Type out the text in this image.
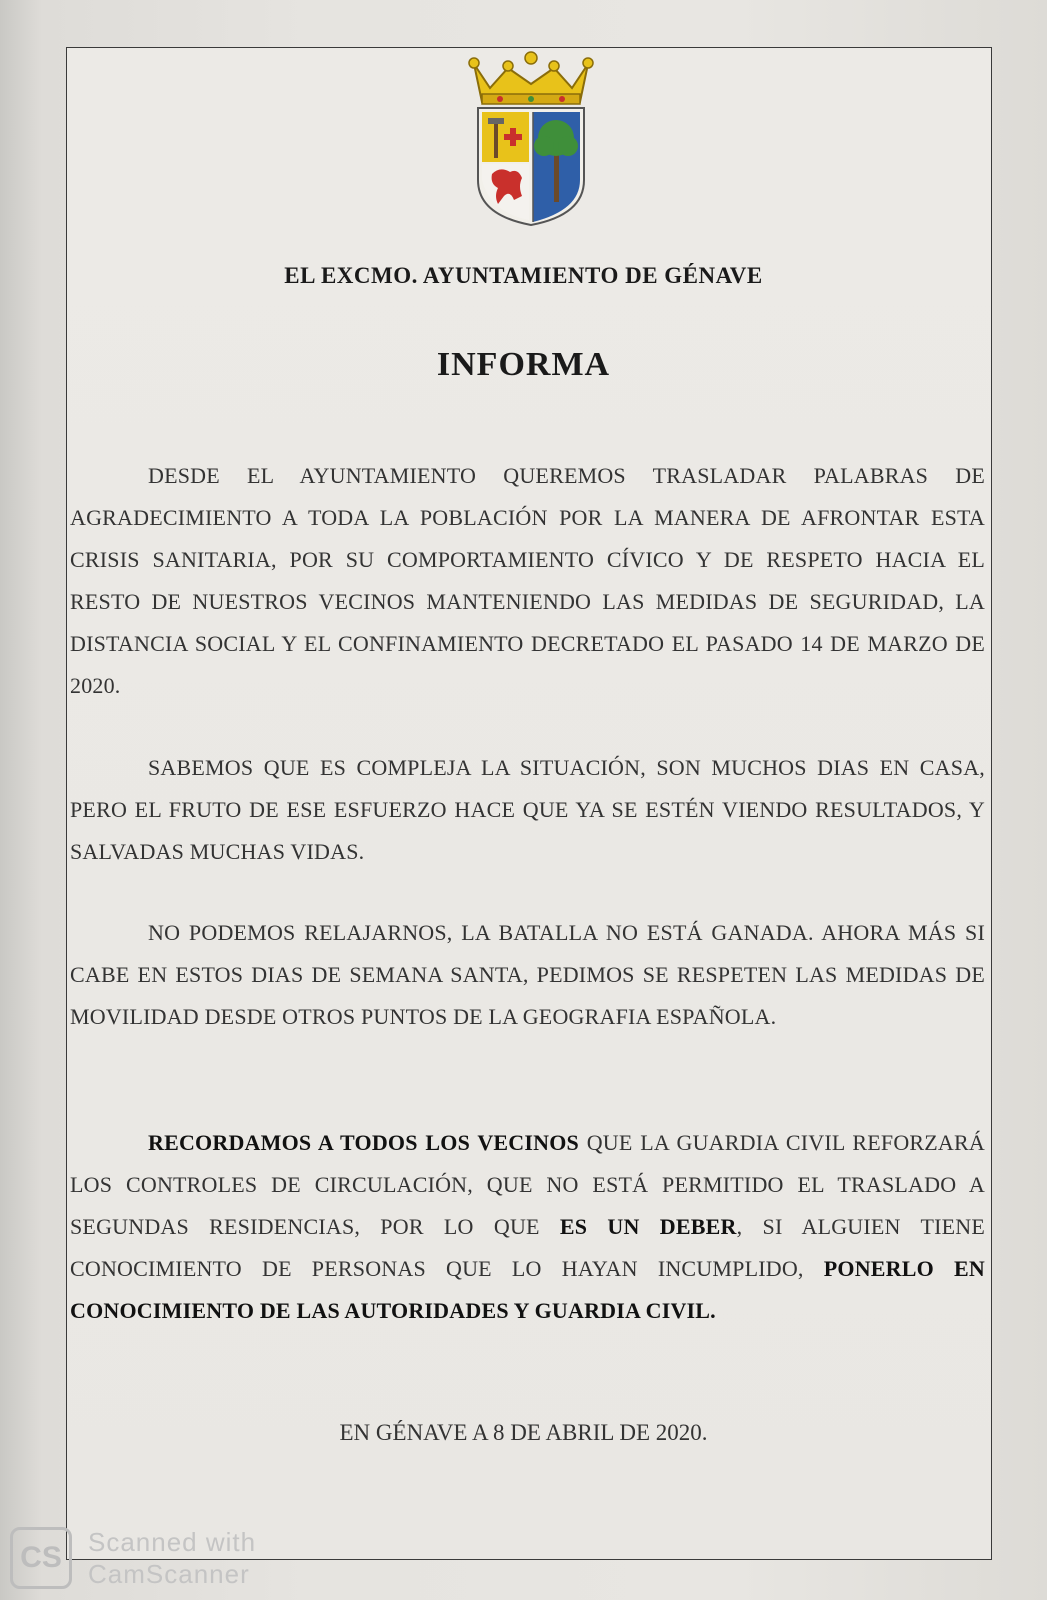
EL EXCMO. AYUNTAMIENTO DE GÉNAVE
INFORMA
DESDE EL AYUNTAMIENTO QUEREMOS TRASLADAR PALABRAS DE AGRADECIMIENTO A TODA LA POBLACIÓN POR LA MANERA DE AFRONTAR ESTA CRISIS SANITARIA, POR SU COMPORTAMIENTO CÍVICO Y DE RESPETO HACIA EL RESTO DE NUESTROS VECINOS MANTENIENDO LAS MEDIDAS DE SEGURIDAD, LA DISTANCIA SOCIAL Y EL CONFINAMIENTO DECRETADO EL PASADO 14 DE MARZO DE 2020.
SABEMOS QUE ES COMPLEJA LA SITUACIÓN, SON MUCHOS DIAS EN CASA, PERO EL FRUTO DE ESE ESFUERZO HACE QUE YA SE ESTÉN VIENDO RESULTADOS, Y SALVADAS MUCHAS VIDAS.
NO PODEMOS RELAJARNOS, LA BATALLA NO ESTÁ GANADA. AHORA MÁS SI CABE EN ESTOS DIAS DE SEMANA SANTA, PEDIMOS SE RESPETEN LAS MEDIDAS DE MOVILIDAD DESDE OTROS PUNTOS DE LA GEOGRAFIA ESPAÑOLA.
RECORDAMOS A TODOS LOS VECINOS QUE LA GUARDIA CIVIL REFORZARÁ LOS CONTROLES DE CIRCULACIÓN, QUE NO ESTÁ PERMITIDO EL TRASLADO A SEGUNDAS RESIDENCIAS, POR LO QUE ES UN DEBER, SI ALGUIEN TIENE CONOCIMIENTO DE PERSONAS QUE LO HAYAN INCUMPLIDO, PONERLO EN CONOCIMIENTO DE LAS AUTORIDADES Y GUARDIA CIVIL.
EN GÉNAVE A 8 DE ABRIL DE 2020.
CS	Scanned with
CamScanner
